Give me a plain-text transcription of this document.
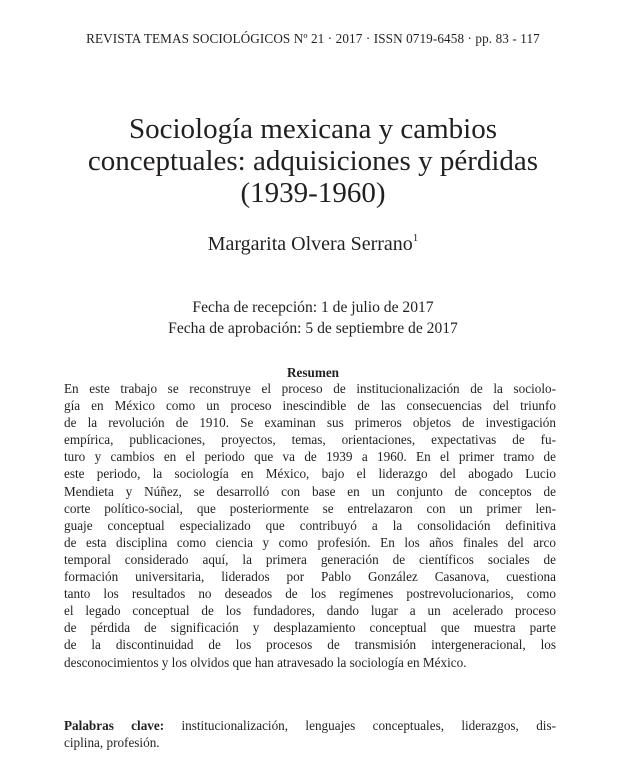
REVISTA TEMAS SOCIOLÓGICOS Nº 21 · 2017 · ISSN 0719-6458 · pp. 83 - 117
Sociología mexicana y cambios
conceptuales: adquisiciones y pérdidas
(1939-1960)
Margarita Olvera Serrano$^1$
Fecha de recepción: 1 de julio de 2017
Fecha de aprobación: 5 de septiembre de 2017
Resumen
En este trabajo se reconstruye el proceso de institucionalización de la sociolo-
gía en México como un proceso inescindible de las consecuencias del triunfo
de la revolución de 1910. Se examinan sus primeros objetos de investigación
empírica, publicaciones, proyectos, temas, orientaciones, expectativas de fu-
turo y cambios en el periodo que va de 1939 a 1960. En el primer tramo de
este periodo, la sociología en México, bajo el liderazgo del abogado Lucio
Mendieta y Núñez, se desarrolló con base en un conjunto de conceptos de
corte político-social, que posteriormente se entrelazaron con un primer len-
guaje conceptual especializado que contribuyó a la consolidación definitiva
de esta disciplina como ciencia y como profesión. En los años finales del arco
temporal considerado aquí, la primera generación de científicos sociales de
formación universitaria, liderados por Pablo González Casanova, cuestiona
tanto los resultados no deseados de los regímenes postrevolucionarios, como
el legado conceptual de los fundadores, dando lugar a un acelerado proceso
de pérdida de significación y desplazamiento conceptual que muestra parte
de la discontinuidad de los procesos de transmisión intergeneracional, los
desconocimientos y los olvidos que han atravesado la sociología en México.
Palabras clave: institucionalización, lenguajes conceptuales, liderazgos, dis-
ciplina, profesión.
